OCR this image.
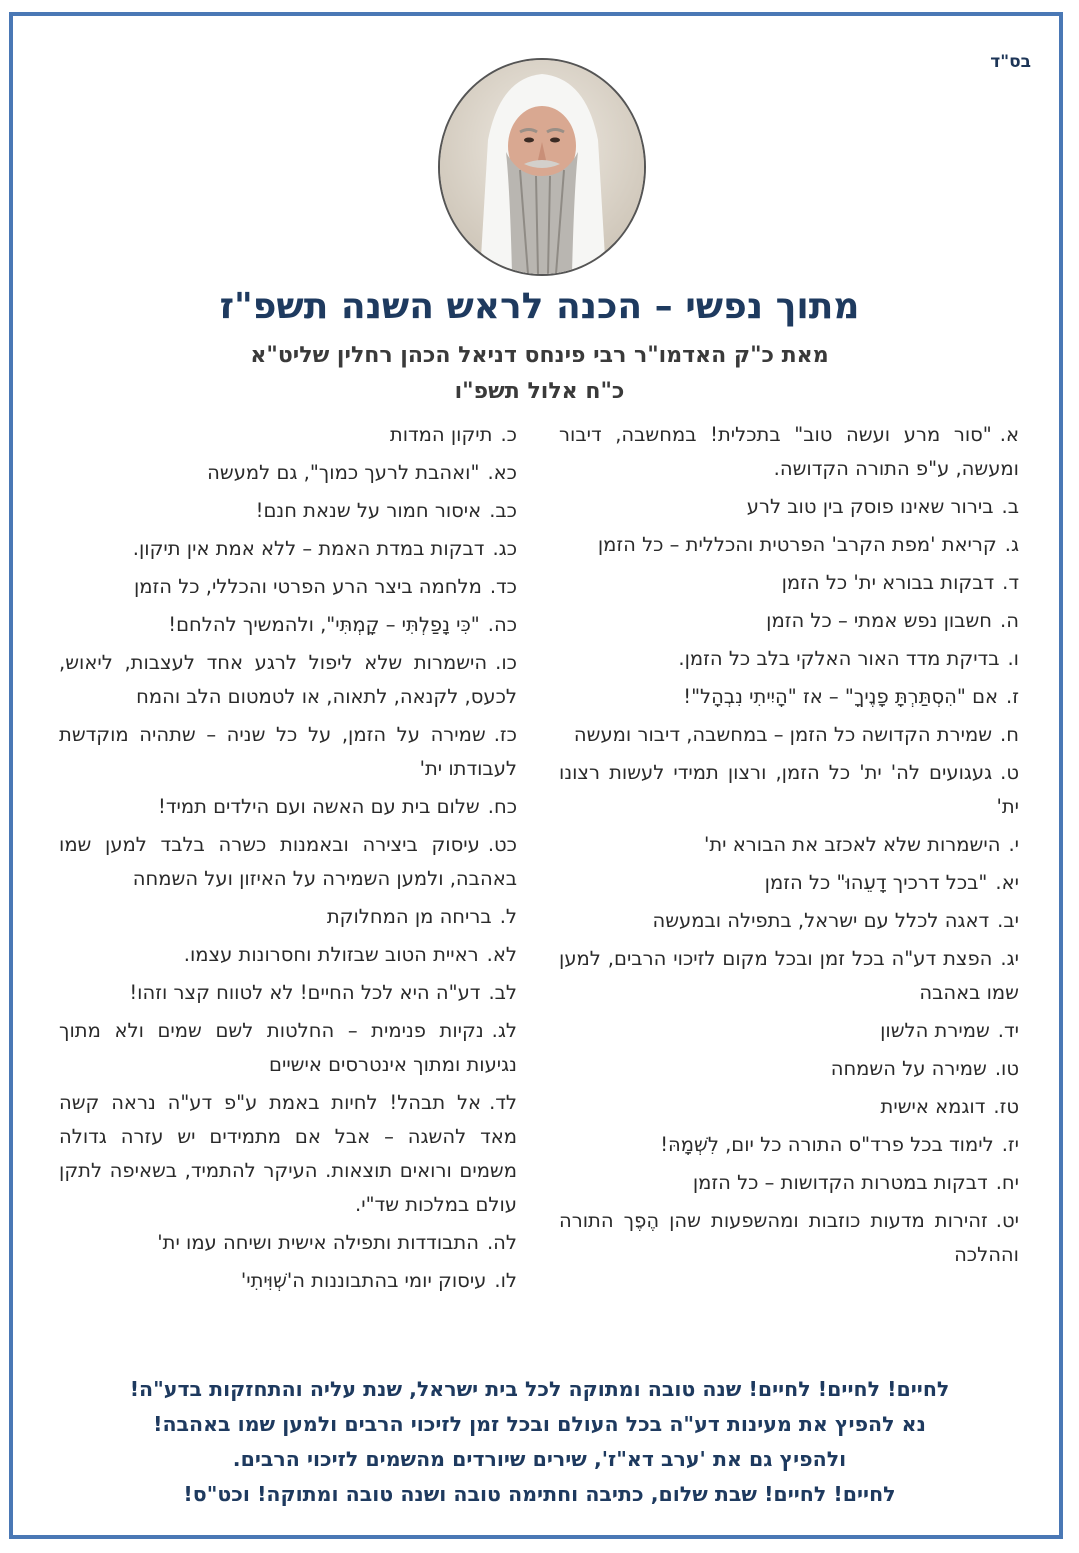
בס"ד
מתוך נפשי – הכנה לראש השנה תשפ"ז
מאת כ"ק האדמו"ר רבי פינחס דניאל הכהן רחלין שליט"א
כ"ח אלול תשפ"ו
א."סור מרע ועשה טוב" בתכלית! במחשבה, דיבור ומעשה, ע"פ התורה הקדושה.
ב.בירור שאינו פוסק בין טוב לרע
ג.קריאת 'מפת הקרב' הפרטית והכללית – כל הזמן
ד.דבקות בבורא ית' כל הזמן
ה.חשבון נפש אמתי – כל הזמן
ו.בדיקת מדד האור האלקי בלב כל הזמן.
ז.אם "הִסְתַּרְתָּ פָנֶיךָ" – אז "הָיִיתִי נִבְהָל"!
ח.שמירת הקדושה כל הזמן – במחשבה, דיבור ומעשה
ט.געגועים לה' ית' כל הזמן, ורצון תמידי לעשות רצונו ית'
י.הישמרות שלא לאכזב את הבורא ית'
יא."בכל דרכיך דָעֵהוּ" כל הזמן
יב.דאגה לכלל עם ישראל, בתפילה ובמעשה
יג.הפצת דע"ה בכל זמן ובכל מקום לזיכוי הרבים, למען שמו באהבה
יד.שמירת הלשון
טו.שמירה על השמחה
טז.דוגמא אישית
יז.לימוד בכל פרד"ס התורה כל יום, לִשְׁמָהּ!
יח.דבקות במטרות הקדושות – כל הזמן
יט.זהירות מדעות כוזבות ומהשפעות שהן הֶפֶך התורה וההלכה
כ.תיקון המדות
כא."ואהבת לרעך כמוך", גם למעשה
כב.איסור חמור על שנאת חנם!
כג.דבקות במדת האמת – ללא אמת אין תיקון.
כד.מלחמה ביצר הרע הפרטי והכללי, כל הזמן
כה."כִּי נָפַלְתִּי – קָמְתִּי", ולהמשיך להלחם!
כו.הישמרות שלא ליפול לרגע אחד לעצבות, ליאוש, לכעס, לקנאה, לתאוה, או לטמטום הלב והמח
כז.שמירה על הזמן, על כל שניה – שתהיה מוקדשת לעבודתו ית'
כח.שלום בית עם האשה ועם הילדים תמיד!
כט.עיסוק ביצירה ובאמנות כשרה בלבד למען שמו באהבה, ולמען השמירה על האיזון ועל השמחה
ל.בריחה מן המחלוקת
לא.ראיית הטוב שבזולת וחסרונות עצמו.
לב.דע"ה היא לכל החיים! לא לטווח קצר וזהו!
לג.נקיות פנימית – החלטות לשם שמים ולא מתוך נגיעות ומתוך אינטרסים אישיים
לד.אל תבהל! לחיות באמת ע"פ דע"ה נראה קשה מאד להשגה – אבל אם מתמידים יש עזרה גדולה משמים ורואים תוצאות. העיקר להתמיד, בשאיפה לתקן עולם במלכות שד"י.
לה.התבודדות ותפילה אישית ושיחה עמו ית'
לו.עיסוק יומי בהתבוננות ה'שְׁוִּיתִי'
לחיים! לחיים! לחיים! שנה טובה ומתוקה לכל בית ישראל, שנת עליה והתחזקות בדע"ה!
נא להפיץ את מעינות דע"ה בכל העולם ובכל זמן לזיכוי הרבים ולמען שמו באהבה!
ולהפיץ גם את 'ערב דא"ז', שירים שיורדים מהשמים לזיכוי הרבים.
לחיים! לחיים! שבת שלום, כתיבה וחתימה טובה ושנה טובה ומתוקה! וכט"ס!
